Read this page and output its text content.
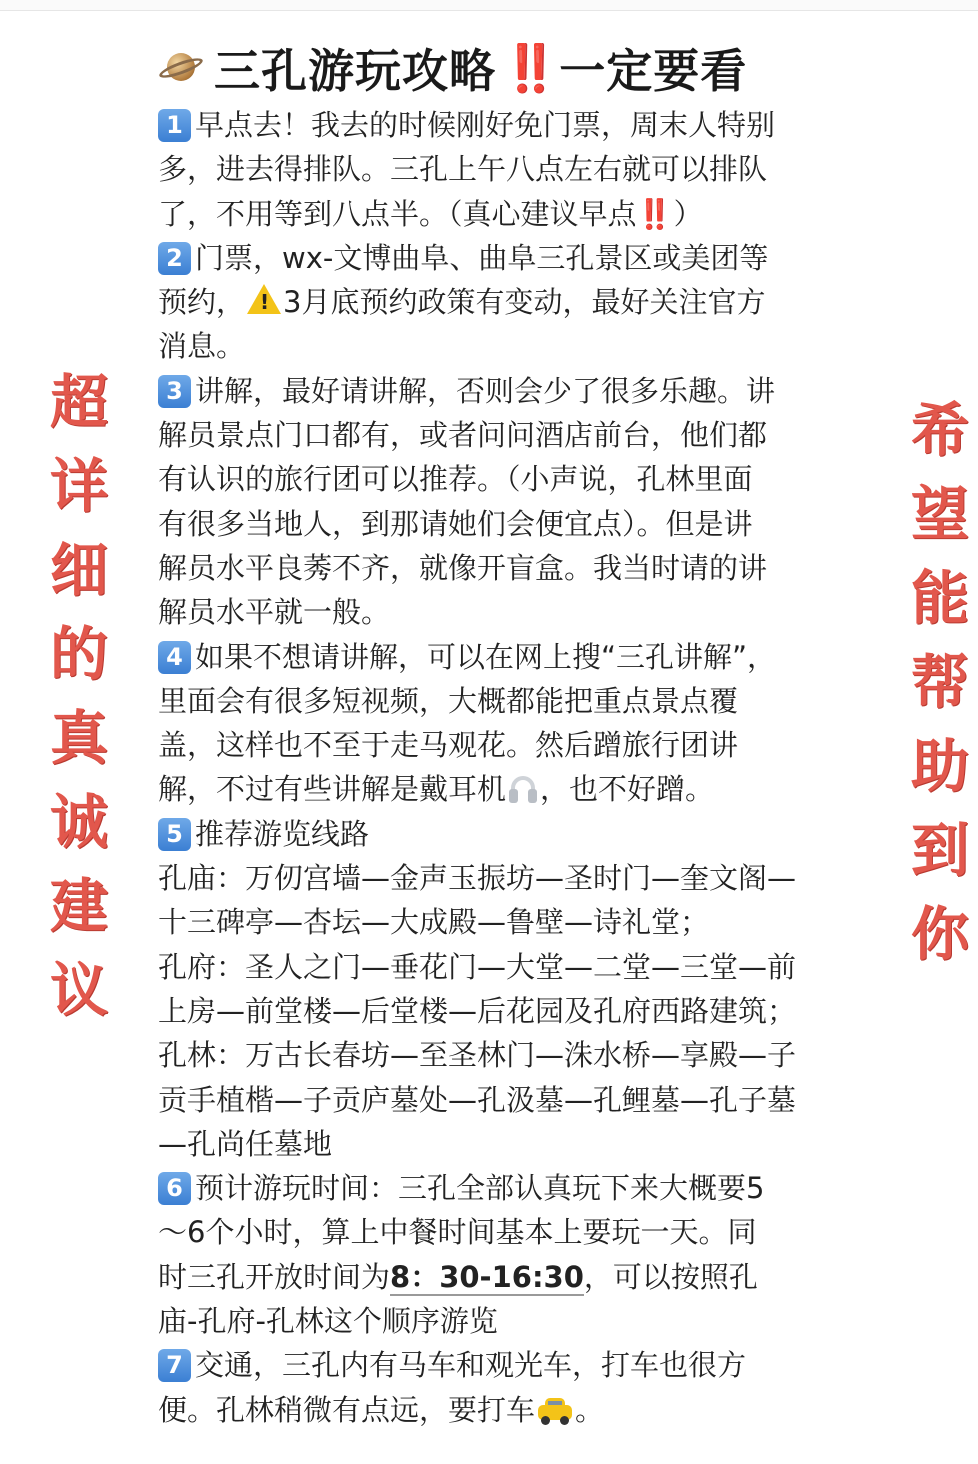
超
详
细
的
真
诚
建
议
希
望
能
帮
助
到
你
三孔游玩攻略 ‼️ 一定要看
1 早点去！我去的时候刚好免门票，周末人特别
多，进去得排队。三孔上午八点左右就可以排队
了，不用等到八点半。（真心建议早点‼️ ）
2 门票，wx-文博曲阜、曲阜三孔景区或美团等
预约，! 3月底预约政策有变动，最好关注官方
消息。
3 讲解，最好请讲解，否则会少了很多乐趣。讲
解员景点门口都有，或者问问酒店前台，他们都
有认识的旅行团可以推荐。（小声说，孔林里面
有很多当地人，到那请她们会便宜点）。但是讲
解员水平良莠不齐，就像开盲盒。我当时请的讲
解员水平就一般。
4 如果不想请讲解，可以在网上搜“三孔讲解”，
里面会有很多短视频，大概都能把重点景点覆
盖，这样也不至于走马观花。然后蹭旅行团讲
解，不过有些讲解是戴耳机 ，也不好蹭。
5 推荐游览线路
孔庙：万仞宫墙—金声玉振坊—圣时门—奎文阁—
十三碑亭—杏坛—大成殿—鲁壁—诗礼堂；
孔府：圣人之门—垂花门—大堂—二堂—三堂—前
上房—前堂楼—后堂楼—后花园及孔府西路建筑；
孔林：万古长春坊—至圣林门—洙水桥—享殿—子
贡手植楷—子贡庐墓处—孔汲墓—孔鲤墓—孔子墓
—孔尚任墓地
6 预计游玩时间：三孔全部认真玩下来大概要5
～6个小时，算上中餐时间基本上要玩一天。同
时三孔开放时间为8：30-16:30，可以按照孔
庙-孔府-孔林这个顺序游览
7 交通，三孔内有马车和观光车，打车也很方
便。孔林稍微有点远，要打车 。
